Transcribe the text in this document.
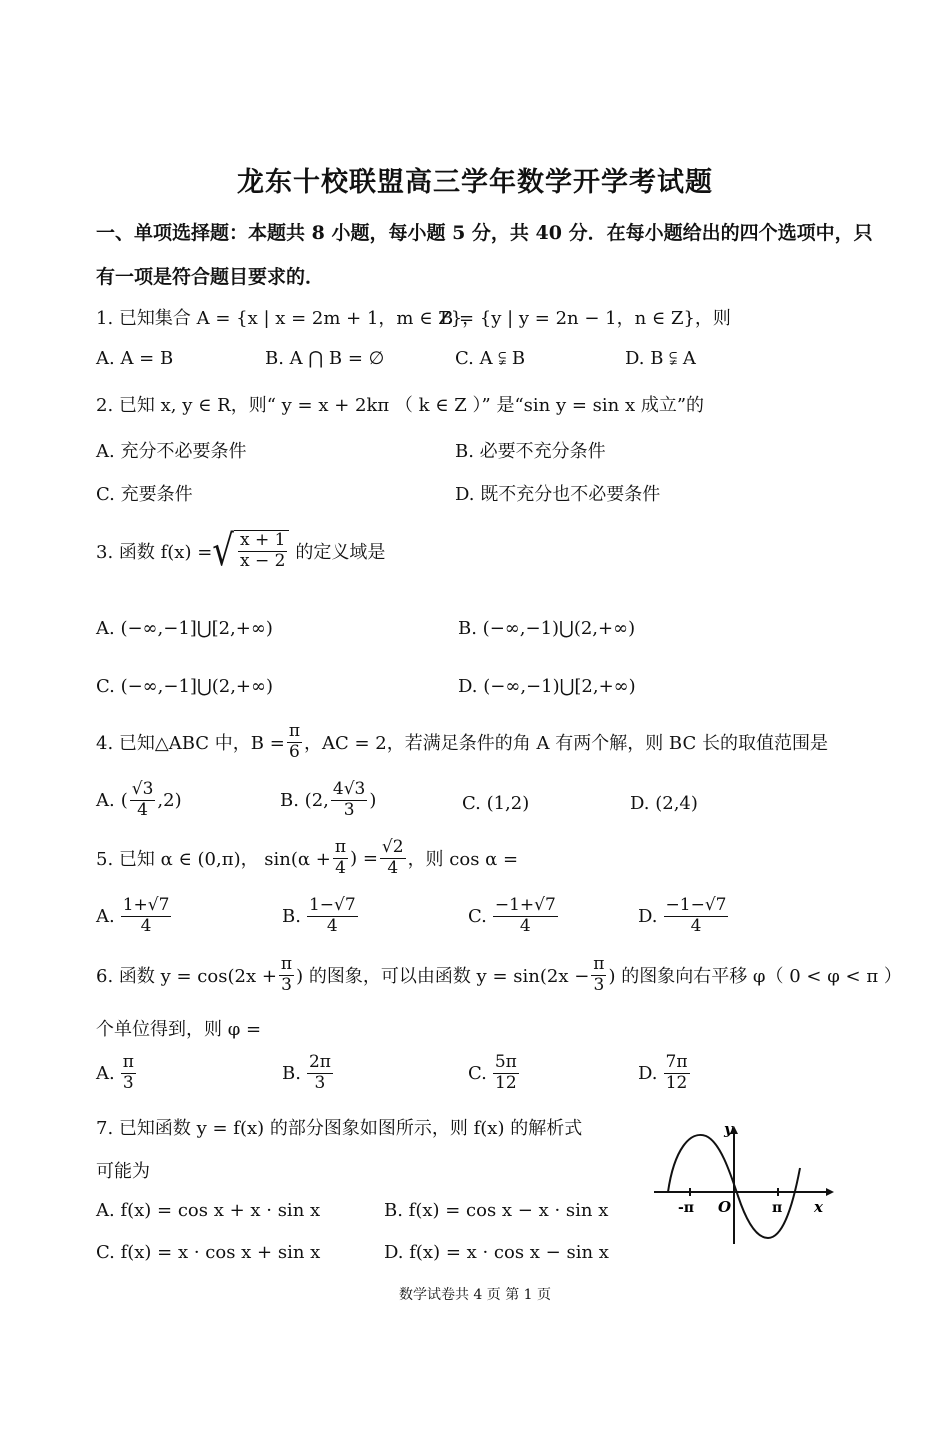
龙东十校联盟高三学年数学开学考试题
一、单项选择题：本题共 8 小题，每小题 5 分，共 40 分．在每小题给出的四个选项中，只
有一项是符合题目要求的．
1. 已知集合 A = {x | x = 2m + 1，m ∈ Z}，
B = {y | y = 2n − 1，n ∈ Z}，则
A. A = B	B. A ⋂ B = ∅	C. A ⫋ B	D. B ⫋ A
2. 已知 x, y ∈ R，则“ y = x + 2kπ （ k ∈ Z ）” 是“sin y = sin x 成立”的
A. 充分不必要条件	B. 必要不充分条件
C. 充要条件	D. 既不充分也不必要条件
3. 函数 f(x) = √ $\frac{x + 1}{x - 2}$ 的定义域是
A. (−∞,−1]⋃[2,+∞)	B. (−∞,−1)⋃(2,+∞)
C. (−∞,−1]⋃(2,+∞)	D. (−∞,−1)⋃[2,+∞)
4. 已知△ABC 中，$B = \frac{\pi}{6}$ ，AC = 2，若满足条件的角 A 有两个解，则 BC 长的取值范围是
A. ( $\frac{√3}{4} ,2$)	B. (2, $\frac{4√3}{3}$ )	C. (1,2)	D. (2,4)
5. 已知 α ∈ (0,π)， $\sin(\alpha + \frac{\pi}{4}$ ) = $\frac{√2}{4}$ ，则 cos α =
A. $\frac{1+√7}{4}$	B. $\frac{1-√7}{4}$	C. $\frac{-1+√7}{4}$	D. $\frac{-1-√7}{4}$
6. 函数 $y = \cos(2x + \frac{\pi}{3}$ ) 的图象，可以由函数 $y = \sin(2x - \frac{\pi}{3}$ ) 的图象向右平移 φ（ 0 < φ < π ）
个单位得到，则 φ =
A. $\frac{\pi}{3}$	B. $\frac{2\pi}{3}$	C. $\frac{5\pi}{12}$	D. $\frac{7\pi}{12}$
7. 已知函数 y = f(x) 的部分图象如图所示，则 f(x) 的解析式
可能为
A. f(x) = cos x + x · sin x	B. f(x) = cos x − x · sin x
C. f(x) = x · cos x + sin x	D. f(x) = x · cos x − sin x
y
x
-π O	π
数学试卷共 4 页 第 1 页
